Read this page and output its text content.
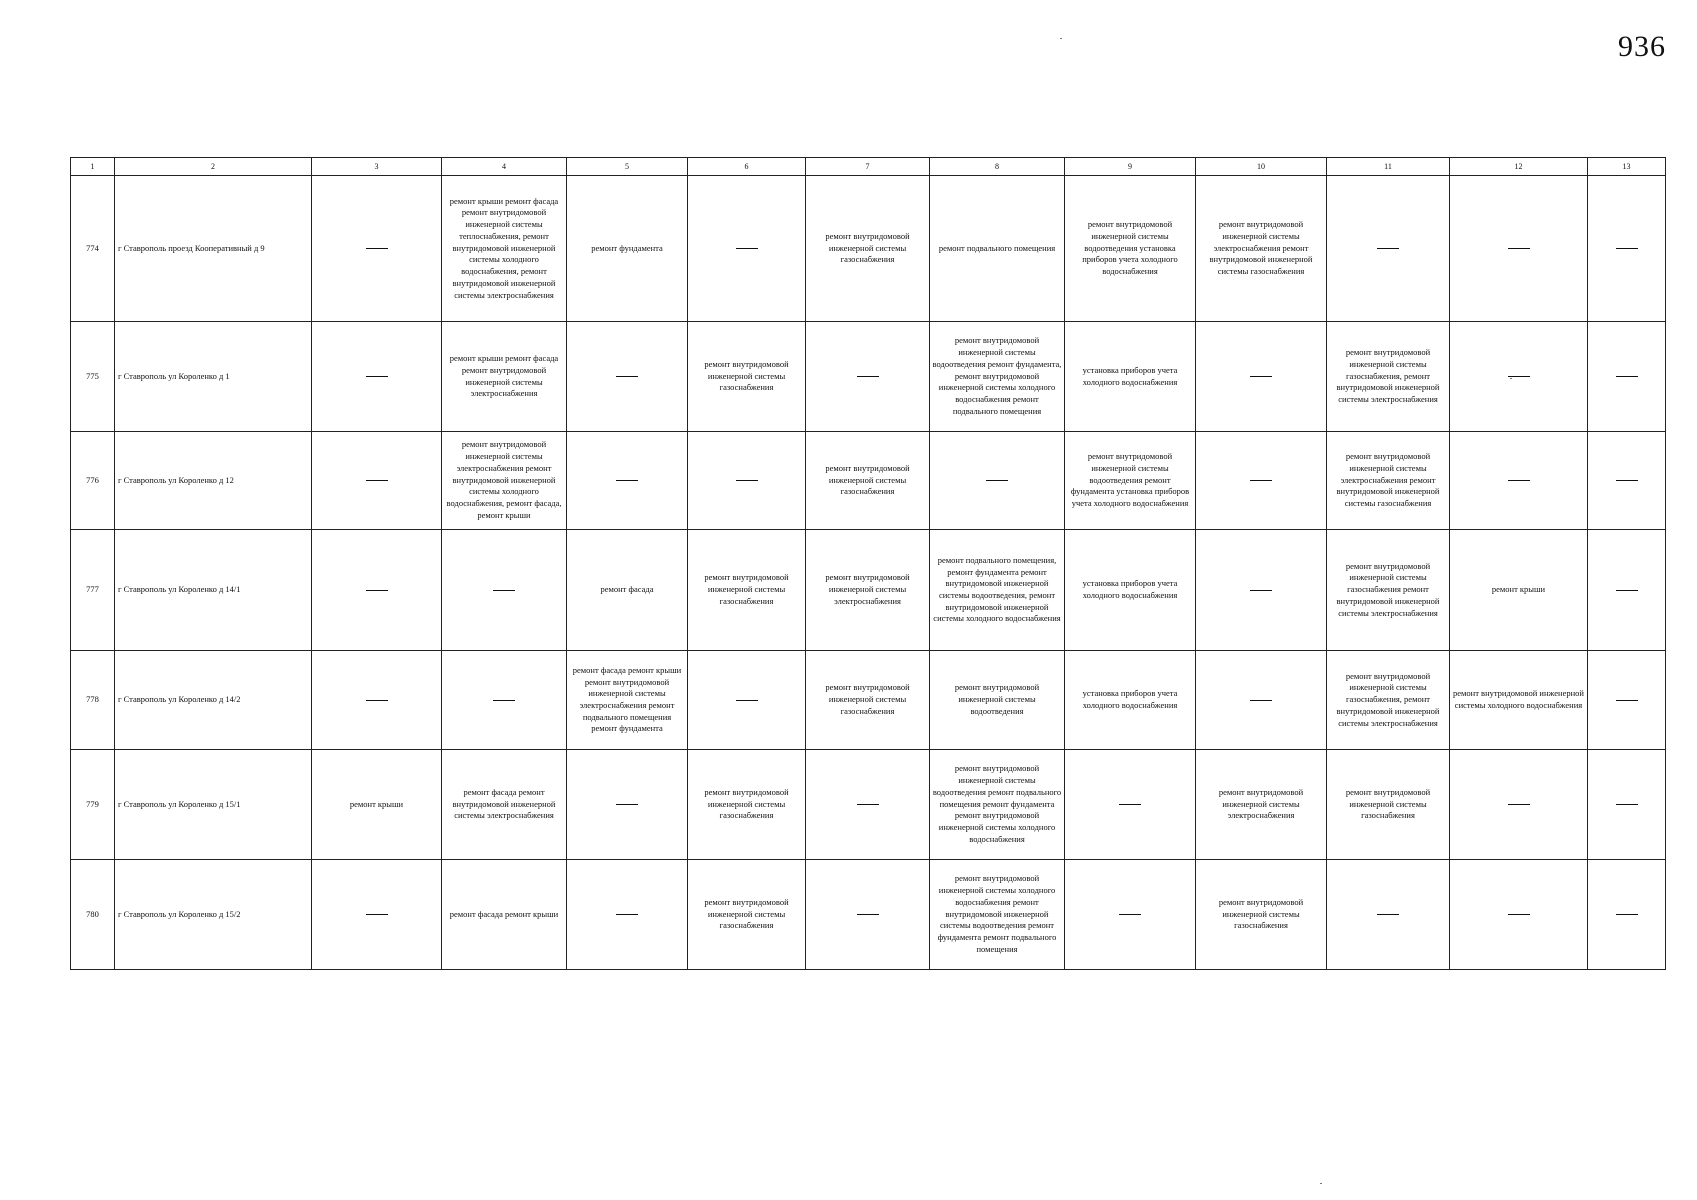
936
1	2	3	4	5	6	7	8	9	10	11	12	13
774	г Ставрополь проезд Кооперативный д 9		ремонт крыши ремонт фасада ремонт внутридомовой инженерной системы теплоснабжения, ремонт внутридомовой инженерной системы холодного водоснабжения, ремонт внутридомовой инженерной системы электроснабжения	ремонт фундамента		ремонт внутридомовой инженерной системы газоснабжения	ремонт подвального помещения	ремонт внутридомовой инженерной системы водоотведения установка приборов учета холодного водоснабжения	ремонт внутридомовой инженерной системы электроснабжения ремонт внутридомовой инженерной системы газоснабжения			
775	г Ставрополь ул Короленко д 1		ремонт крыши ремонт фасада ремонт внутридомовой инженерной системы электроснабжения		ремонт внутридомовой инженерной системы газоснабжения		ремонт внутридомовой инженерной системы водоотведения ремонт фундамента, ремонт внутридомовой инженерной системы холодного водоснабжения ремонт подвального помещения	установка приборов учета холодного водоснабжения		ремонт внутридомовой инженерной системы газоснабжения, ремонт внутридомовой инженерной системы электроснабжения		
776	г Ставрополь ул Короленко д 12		ремонт внутридомовой инженерной системы электроснабжения ремонт внутридомовой инженерной системы холодного водоснабжения, ремонт фасада, ремонт крыши			ремонт внутридомовой инженерной системы газоснабжения		ремонт внутридомовой инженерной системы водоотведения ремонт фундамента установка приборов учета холодного водоснабжения		ремонт внутридомовой инженерной системы электроснабжения ремонт внутридомовой инженерной системы газоснабжения		
777	г Ставрополь ул Короленко д 14/1			ремонт фасада	ремонт внутридомовой инженерной системы газоснабжения	ремонт внутридомовой инженерной системы электроснабжения	ремонт подвального помещения, ремонт фундамента ремонт внутридомовой инженерной системы водоотведения, ремонт внутридомовой инженерной системы холодного водоснабжения	установка приборов учета холодного водоснабжения		ремонт внутридомовой инженерной системы газоснабжения ремонт внутридомовой инженерной системы электроснабжения	ремонт крыши	
778	г Ставрополь ул Короленко д 14/2			ремонт фасада ремонт крыши ремонт внутридомовой инженерной системы электроснабжения ремонт подвального помещения ремонт фундамента		ремонт внутридомовой инженерной системы газоснабжения	ремонт внутридомовой инженерной системы водоотведения	установка приборов учета холодного водоснабжения		ремонт внутридомовой инженерной системы газоснабжения, ремонт внутридомовой инженерной системы электроснабжения	ремонт внутридомовой инженерной системы холодного водоснабжения	
779	г Ставрополь ул Короленко д 15/1	ремонт крыши	ремонт фасада ремонт внутридомовой инженерной системы электроснабжения		ремонт внутридомовой инженерной системы газоснабжения		ремонт внутридомовой инженерной системы водоотведения ремонт подвального помещения ремонт фундамента ремонт внутридомовой инженерной системы холодного водоснабжения		ремонт внутридомовой инженерной системы электроснабжения	ремонт внутридомовой инженерной системы газоснабжения		
780	г Ставрополь ул Короленко д 15/2		ремонт фасада ремонт крыши		ремонт внутридомовой инженерной системы газоснабжения		ремонт внутридомовой инженерной системы холодного водоснабжения ремонт внутридомовой инженерной системы водоотведения ремонт фундамента ремонт подвального помещения		ремонт внутридомовой инженерной системы газоснабжения			
